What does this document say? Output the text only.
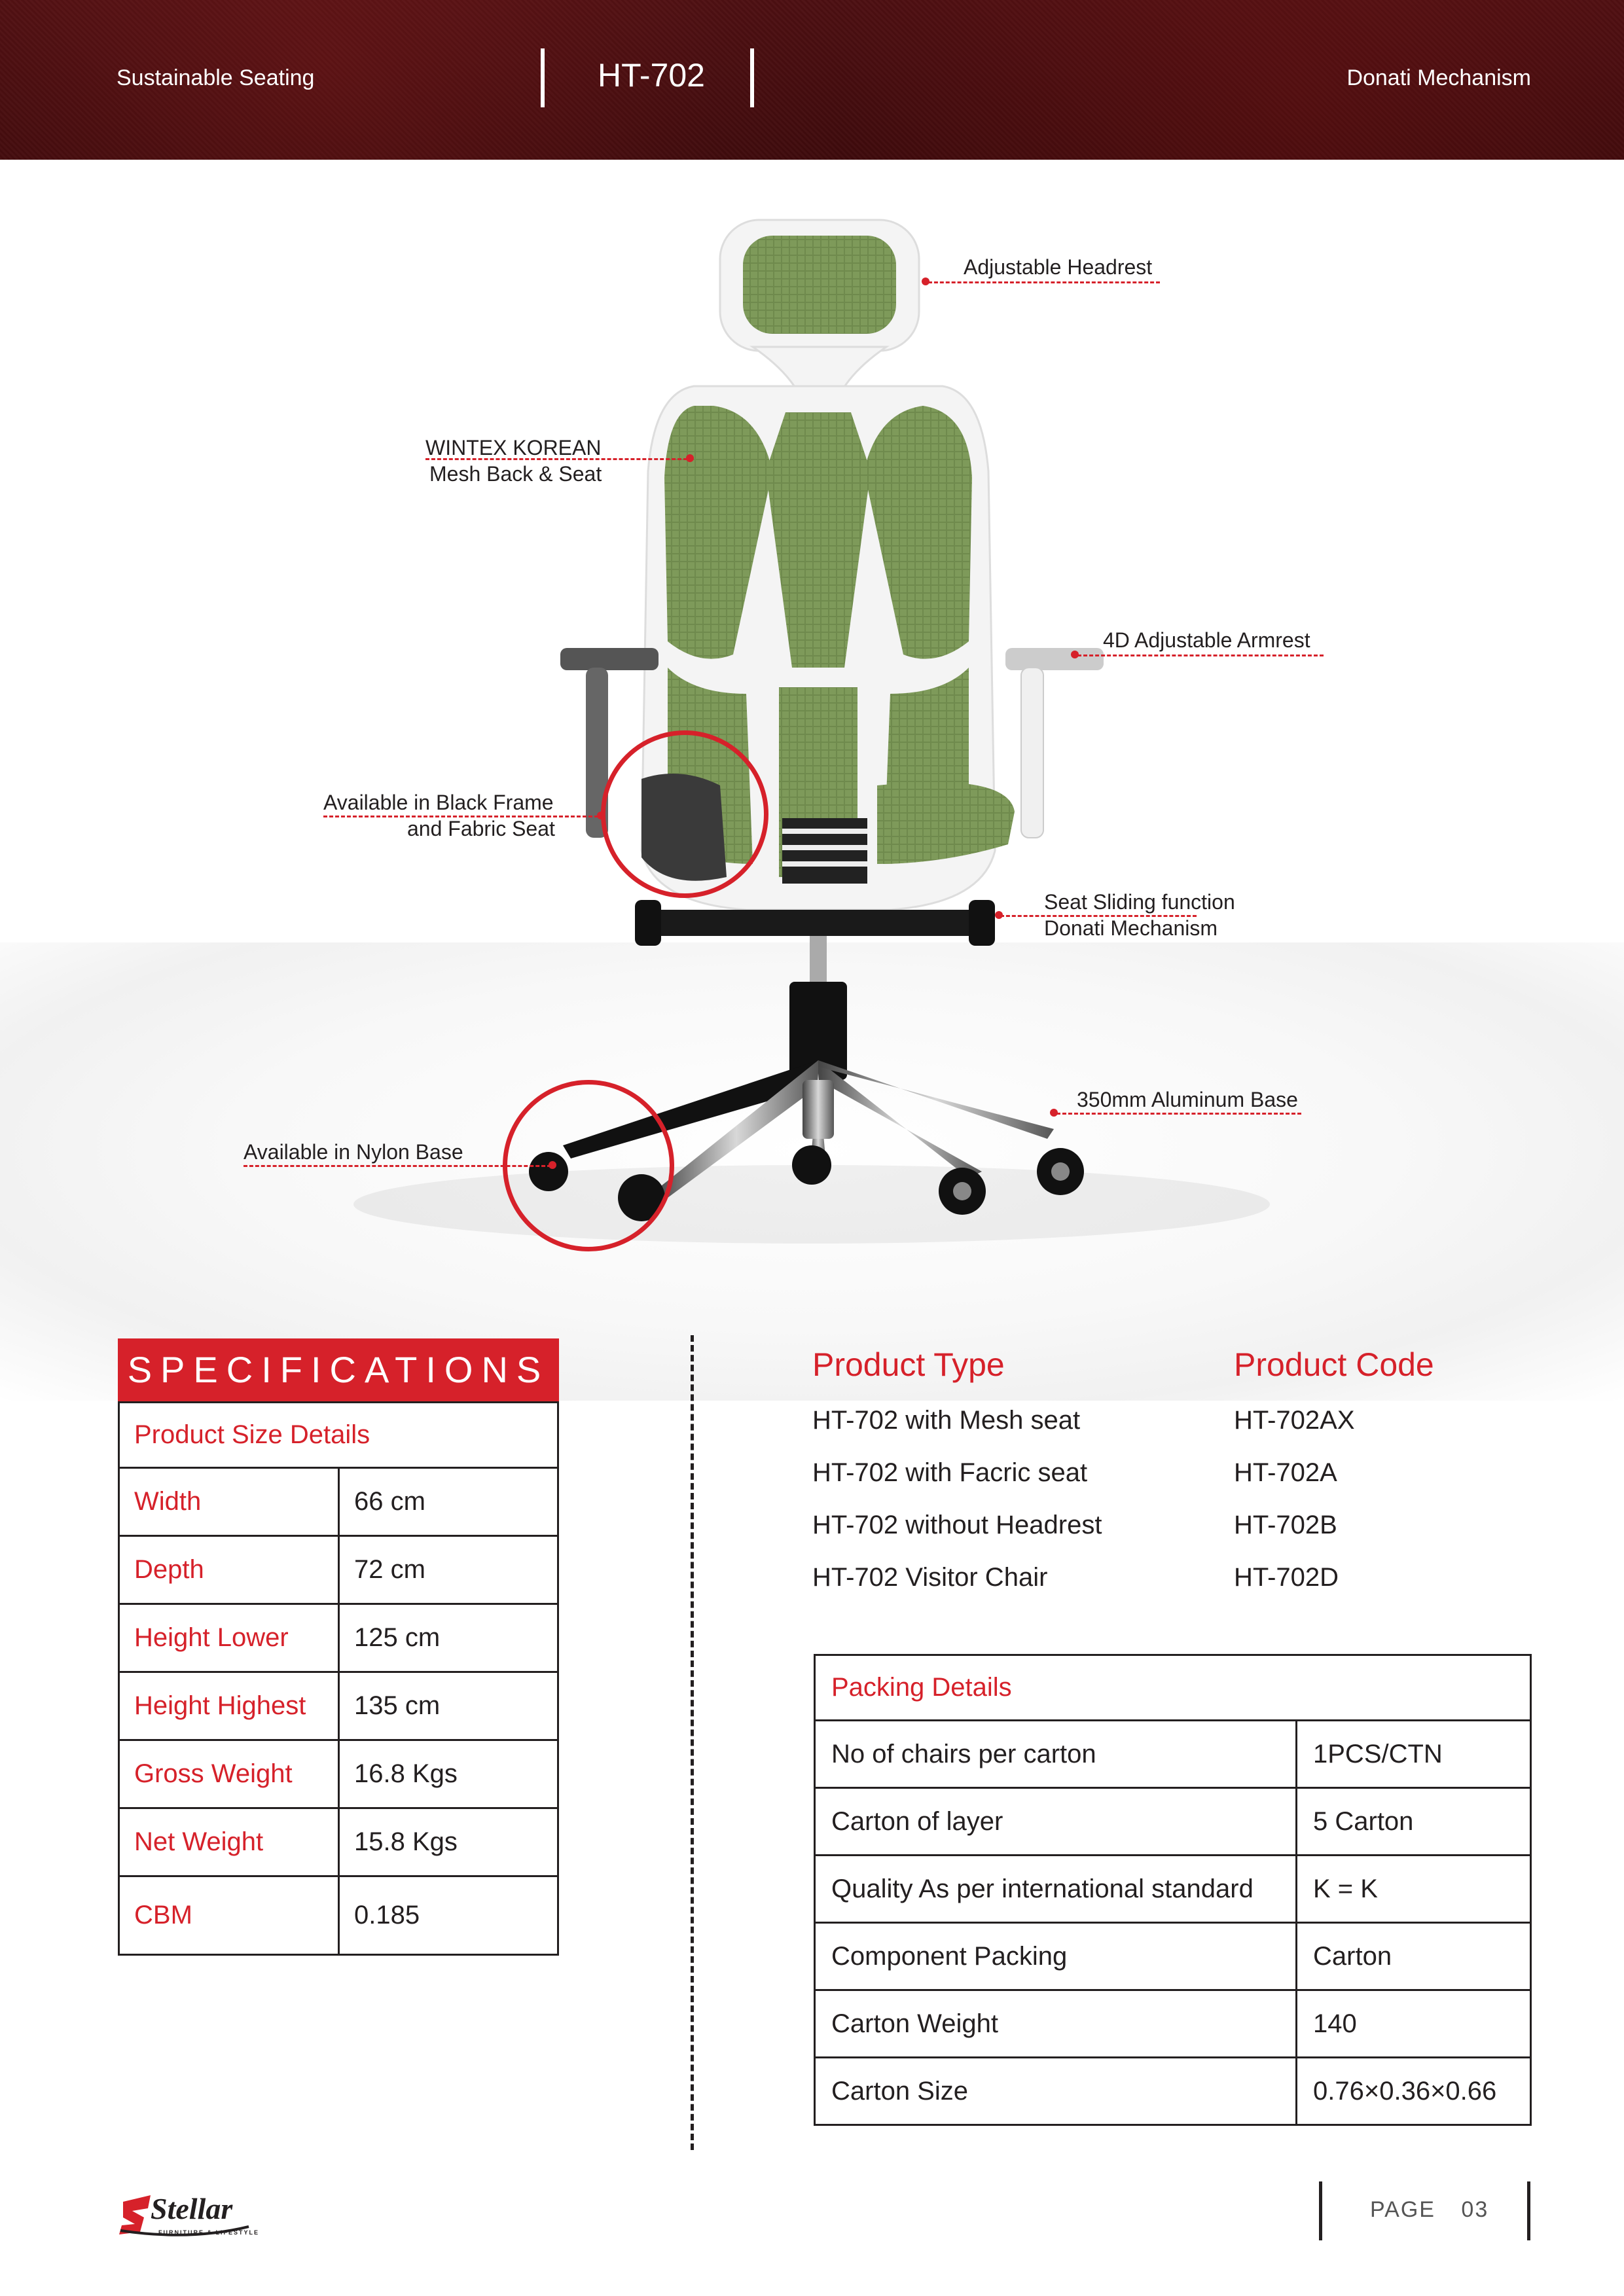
Sustainable Seating	HT-702	Donati Mechanism
Adjustable Headrest
WINTEX KOREAN
Mesh Back & Seat
4D Adjustable Armrest
Available in Black Frame
and Fabric Seat
Seat Sliding function
Donati Mechanism
350mm Aluminum Base
Available in Nylon Base
SPECIFICATIONS
Product Size Details	
Width	66 cm
Depth	72 cm
Height Lower	125 cm
Height Highest	135 cm
Gross Weight	16.8 Kgs
Net Weight	15.8 Kgs
CBM	0.185
Product Type	Product Code
HT-702 with Mesh seat	HT-702AX
HT-702 with Facric seat	HT-702A
HT-702 without Headrest	HT-702B
HT-702 Visitor Chair	HT-702D
Packing Details	
No of chairs per carton	1PCS/CTN
Carton of layer	5 Carton
Quality As per international standard	K = K
Component Packing	Carton
Carton Weight	140
Carton Size	0.76×0.36×0.66
Stellar
FURNITURE & LIFESTYLE
PAGE 03
